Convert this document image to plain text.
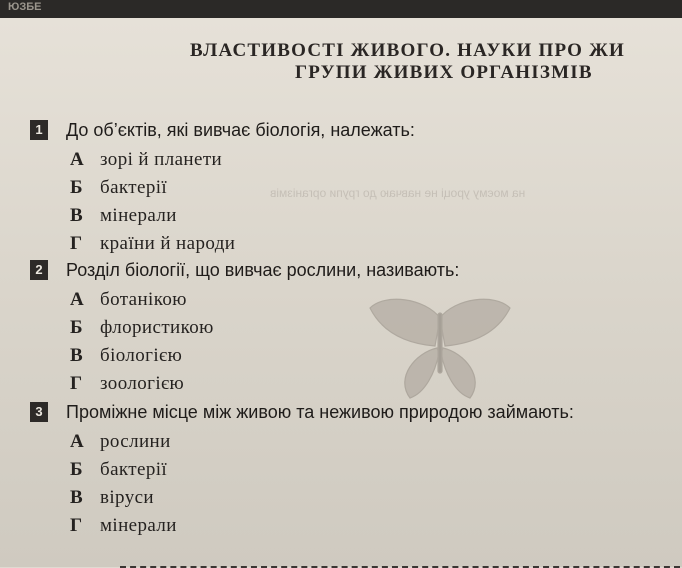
ЮЗБЕ
ВЛАСТИВОСТІ ЖИВОГО. НАУКИ ПРО ЖИ
ГРУПИ ЖИВИХ ОРГАНІЗМІВ
на моєму уроці не навчаю до групи організмів
1 До об’єктів, які вивчає біологія, належать:
А зорі й планети
Б бактерії
В мінерали
Г країни й народи
2 Розділ біології, що вивчає рослини, називають:
А ботанікою
Б флористикою
В біологією
Г зоологією
3 Проміжне місце між живою та неживою природою займають:
А рослини
Б бактерії
В віруси
Г мінерали
